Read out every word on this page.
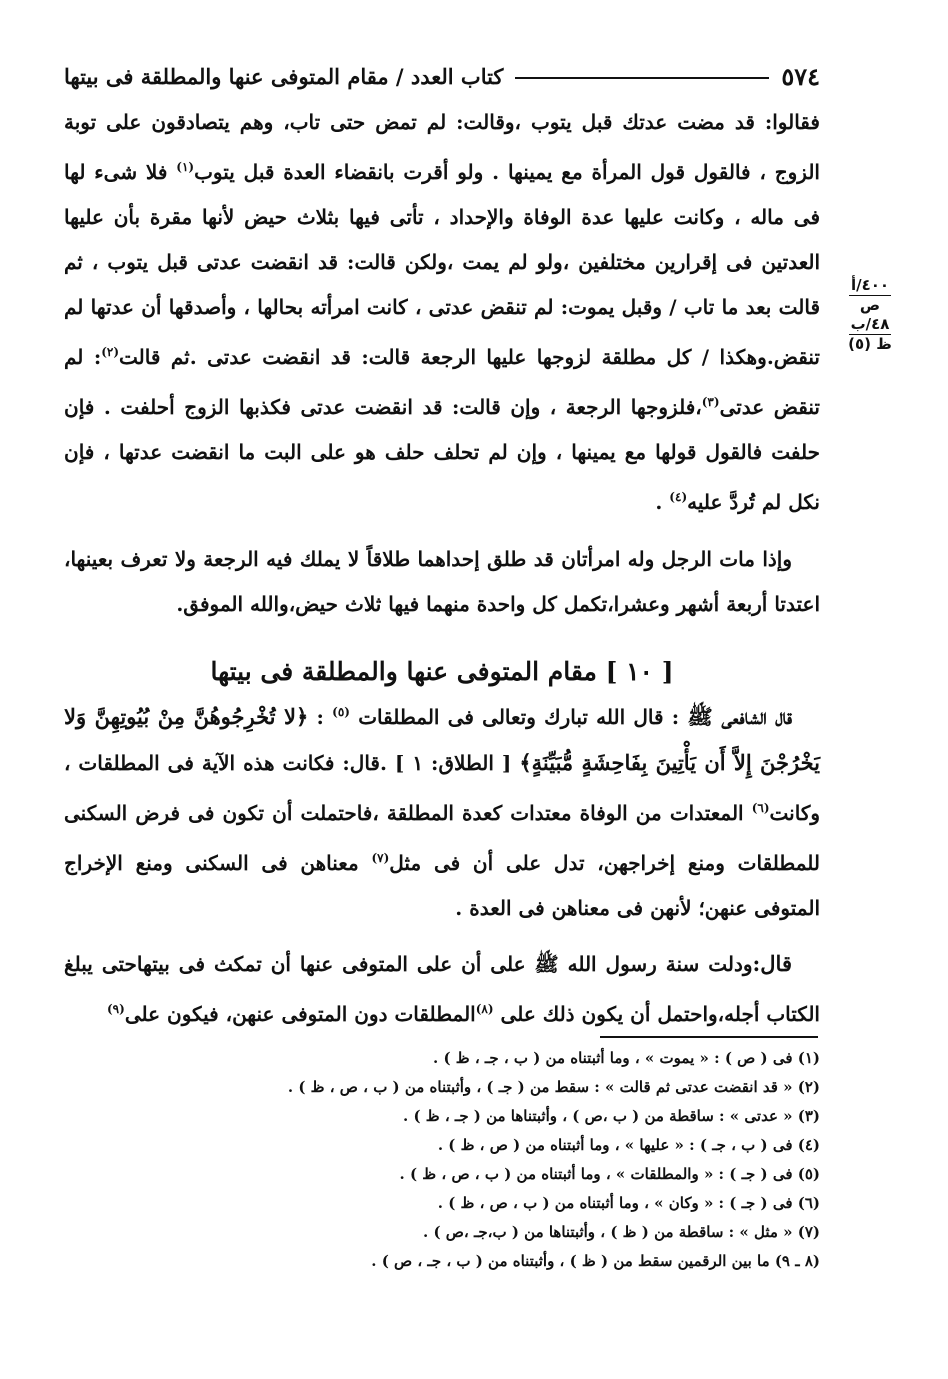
٥٧٤
كتاب العدد / مقام المتوفى عنها والمطلقة فى بيتها
٤٠٠/أ
ص
٤٨/ب
ظ (٥)

فقالوا: قد مضت عدتك قبل يتوب ،وقالت: لم تمض حتى تاب، وهم يتصادقون على توبة الزوج ، فالقول قول المرأة مع يمينها . ولو أقرت بانقضاء العدة قبل يتوب$^{(١)}$ فلا شىء لها فى ماله ، وكانت عليها عدة الوفاة والإحداد ، تأتى فيها بثلاث حيض لأنها مقرة بأن عليها العدتين فى إقرارين مختلفين ،ولو لم يمت ،ولكن قالت: قد انقضت عدتى قبل يتوب ، ثم قالت بعد ما تاب / وقبل يموت: لم تنقض عدتى ، كانت امرأته بحالها ، وأصدقها أن عدتها لم تنقض.وهكذا / كل مطلقة لزوجها عليها الرجعة قالت: قد انقضت عدتى .ثم قالت$^{(٢)}$: لم تنقض عدتى$^{(٣)}$،فلزوجها الرجعة ، وإن قالت: قد انقضت عدتى فكذبها الزوج أحلفت . فإن حلفت فالقول قولها مع يمينها ، وإن لم تحلف حلف هو على البت ما انقضت عدتها ، فإن نكل لم تُردَّ عليه$^{(٤)}$ .

وإذا مات الرجل وله امرأتان قد طلق إحداهما طلاقاً لا يملك فيه الرجعة ولا تعرف بعينها، اعتدتا أربعة أشهر وعشرا،تكمل كل واحدة منهما فيها ثلاث حيض،والله الموفق.

[ ١٠ ] مقام المتوفى عنها والمطلقة فى بيتها

قال الشافعى ﷺ : قال الله تبارك وتعالى فى المطلقات $^{(٥)}$ : ﴿لا تُخْرِجُوهُنَّ مِنْ بُيُوتِهِنَّ وَلا يَخْرُجْنَ إِلاَّ أَن يَأْتِينَ بِفَاحِشَةٍ مُّبَيِّنَةٍ﴾ [ الطلاق: ١ ] .قال: فكانت هذه الآية فى المطلقات ، وكانت$^{(٦)}$ المعتدات من الوفاة معتدات كعدة المطلقة ،فاحتملت أن تكون فى فرض السكنى للمطلقات ومنع إخراجهن، تدل على أن فى مثل$^{(٧)}$ معناهن فى السكنى ومنع الإخراج المتوفى عنهن؛ لأنهن فى معناهن فى العدة .

قال:ودلت سنة رسول الله ﷺ على أن على المتوفى عنها أن تمكث فى بيتهاحتى يبلغ الكتاب أجله،واحتمل أن يكون ذلك على $^{(٨)}$المطلقات دون المتوفى عنهن، فيكون على$^{(٩)}$

(١) فى ( ص ) : « يموت » ، وما أثبتناه من ( ب ، جـ ، ظ ) .
(٢) « قد انقضت عدتى ثم قالت » : سقط من ( جـ ) ، وأثبتناه من ( ب ، ص ، ظ ) .
(٣) « عدتى » : ساقطة من ( ب ،ص ) ، وأثبتناها من ( جـ ، ظ ) .
(٤) فى ( ب ، جـ ) : « عليها » ، وما أثبتناه من ( ص ، ظ ) .
(٥) فى ( جـ ) : « والمطلقات » ، وما أثبتناه من ( ب ، ص ، ظ ) .
(٦) فى ( جـ ) : « وكان » ، وما أثبتناه من ( ب ، ص ، ظ ) .
(٧) « مثل » : ساقطة من ( ظ ) ، وأثبتناها من ( ب،جـ ،ص ) .
(٨ ـ ٩) ما بين الرقمين سقط من ( ظ ) ، وأثبتناه من ( ب ، جـ ، ص ) .
